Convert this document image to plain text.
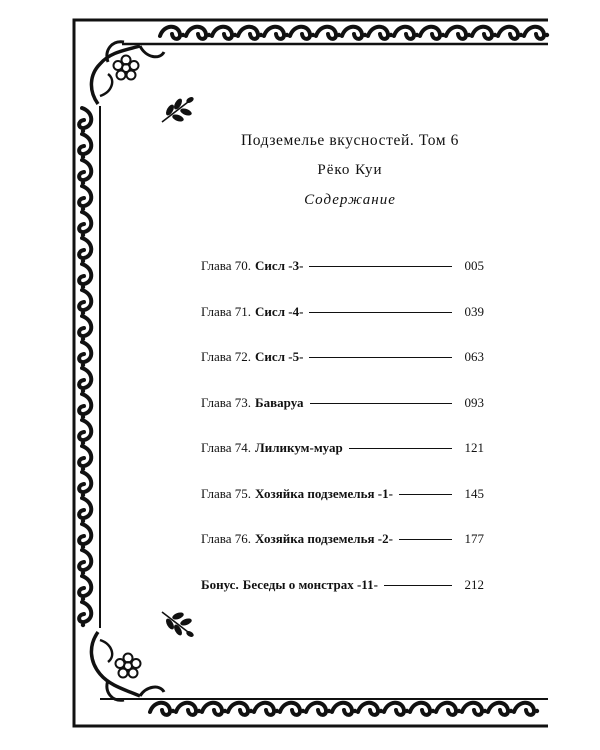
Подземелье вкусностей. Том 6
Рёко Куи
Содержание
Глава 70. Сисл -3-	005
Глава 71. Сисл -4-	039
Глава 72. Сисл -5-	063
Глава 73. Баваруа	093
Глава 74. Лиликум-муар	121
Глава 75. Хозяйка подземелья -1-	145
Глава 76. Хозяйка подземелья -2-	177
Бонус. Беседы о монстрах -11-	212
